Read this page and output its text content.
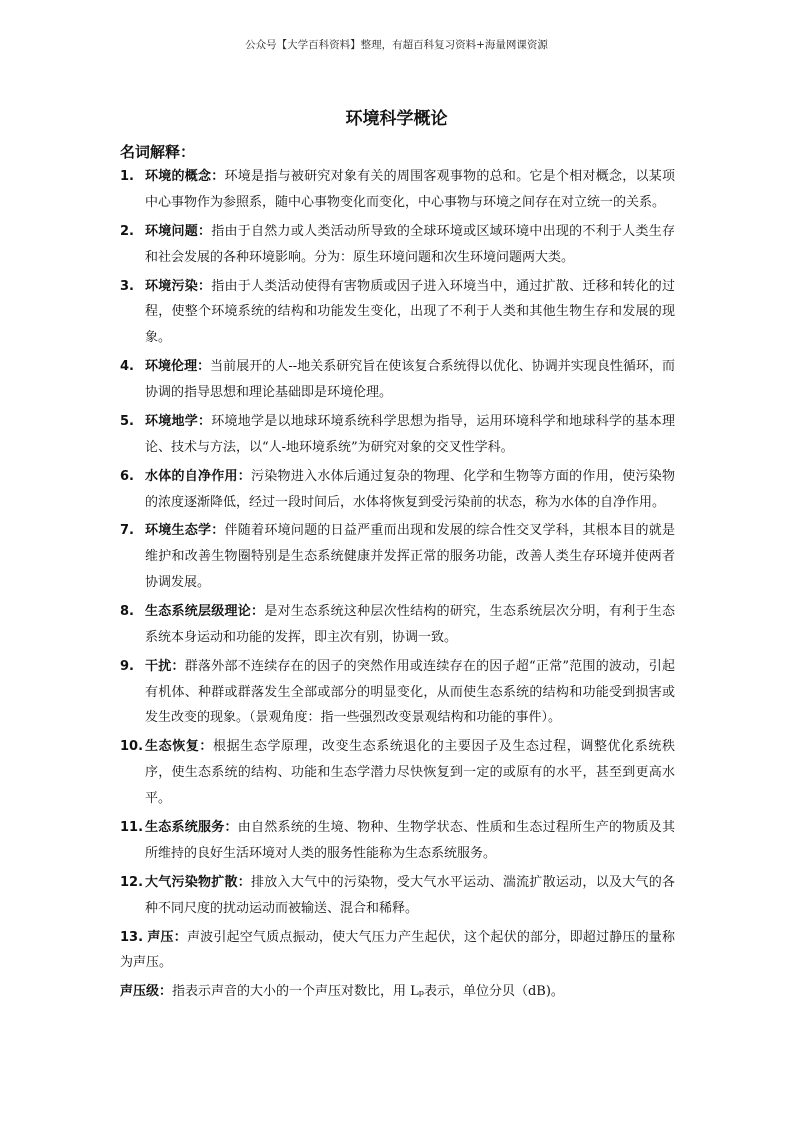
公众号【大学百科资料】整理，有超百科复习资料+海量网课资源
环境科学概论
名词解释：
1. 环境的概念：环境是指与被研究对象有关的周围客观事物的总和。它是个相对概念，以某项中心事物作为参照系，随中心事物变化而变化，中心事物与环境之间存在对立统一的关系。
2. 环境问题：指由于自然力或人类活动所导致的全球环境或区域环境中出现的不利于人类生存和社会发展的各种环境影响。分为：原生环境问题和次生环境问题两大类。
3. 环境污染：指由于人类活动使得有害物质或因子进入环境当中，通过扩散、迁移和转化的过程，使整个环境系统的结构和功能发生变化，出现了不利于人类和其他生物生存和发展的现象。
4. 环境伦理：当前展开的人--地关系研究旨在使该复合系统得以优化、协调并实现良性循环，而协调的指导思想和理论基础即是环境伦理。
5. 环境地学：环境地学是以地球环境系统科学思想为指导，运用环境科学和地球科学的基本理论、技术与方法，以“人-地环境系统”为研究对象的交叉性学科。
6. 水体的自净作用：污染物进入水体后通过复杂的物理、化学和生物等方面的作用，使污染物的浓度逐渐降低，经过一段时间后，水体将恢复到受污染前的状态，称为水体的自净作用。
7. 环境生态学：伴随着环境问题的日益严重而出现和发展的综合性交叉学科，其根本目的就是维护和改善生物圈特别是生态系统健康并发挥正常的服务功能，改善人类生存环境并使两者协调发展。
8. 生态系统层级理论：是对生态系统这种层次性结构的研究，生态系统层次分明，有利于生态系统本身运动和功能的发挥，即主次有别，协调一致。
9. 干扰：群落外部不连续存在的因子的突然作用或连续存在的因子超“正常”范围的波动，引起有机体、种群或群落发生全部或部分的明显变化，从而使生态系统的结构和功能受到损害或发生改变的现象。（景观角度：指一些强烈改变景观结构和功能的事件）。
10. 生态恢复：根据生态学原理，改变生态系统退化的主要因子及生态过程，调整优化系统秩序，使生态系统的结构、功能和生态学潜力尽快恢复到一定的或原有的水平，甚至到更高水平。
11. 生态系统服务：由自然系统的生境、物种、生物学状态、性质和生态过程所生产的物质及其所维持的良好生活环境对人类的服务性能称为生态系统服务。
12. 大气污染物扩散：排放入大气中的污染物，受大气水平运动、湍流扩散运动，以及大气的各种不同尺度的扰动运动而被输送、混合和稀释。
13. 声压：声波引起空气质点振动，使大气压力产生起伏，这个起伏的部分，即超过静压的量称为声压。
声压级：指表示声音的大小的一个声压对数比，用 Lₚ表示，单位分贝（dB)。
